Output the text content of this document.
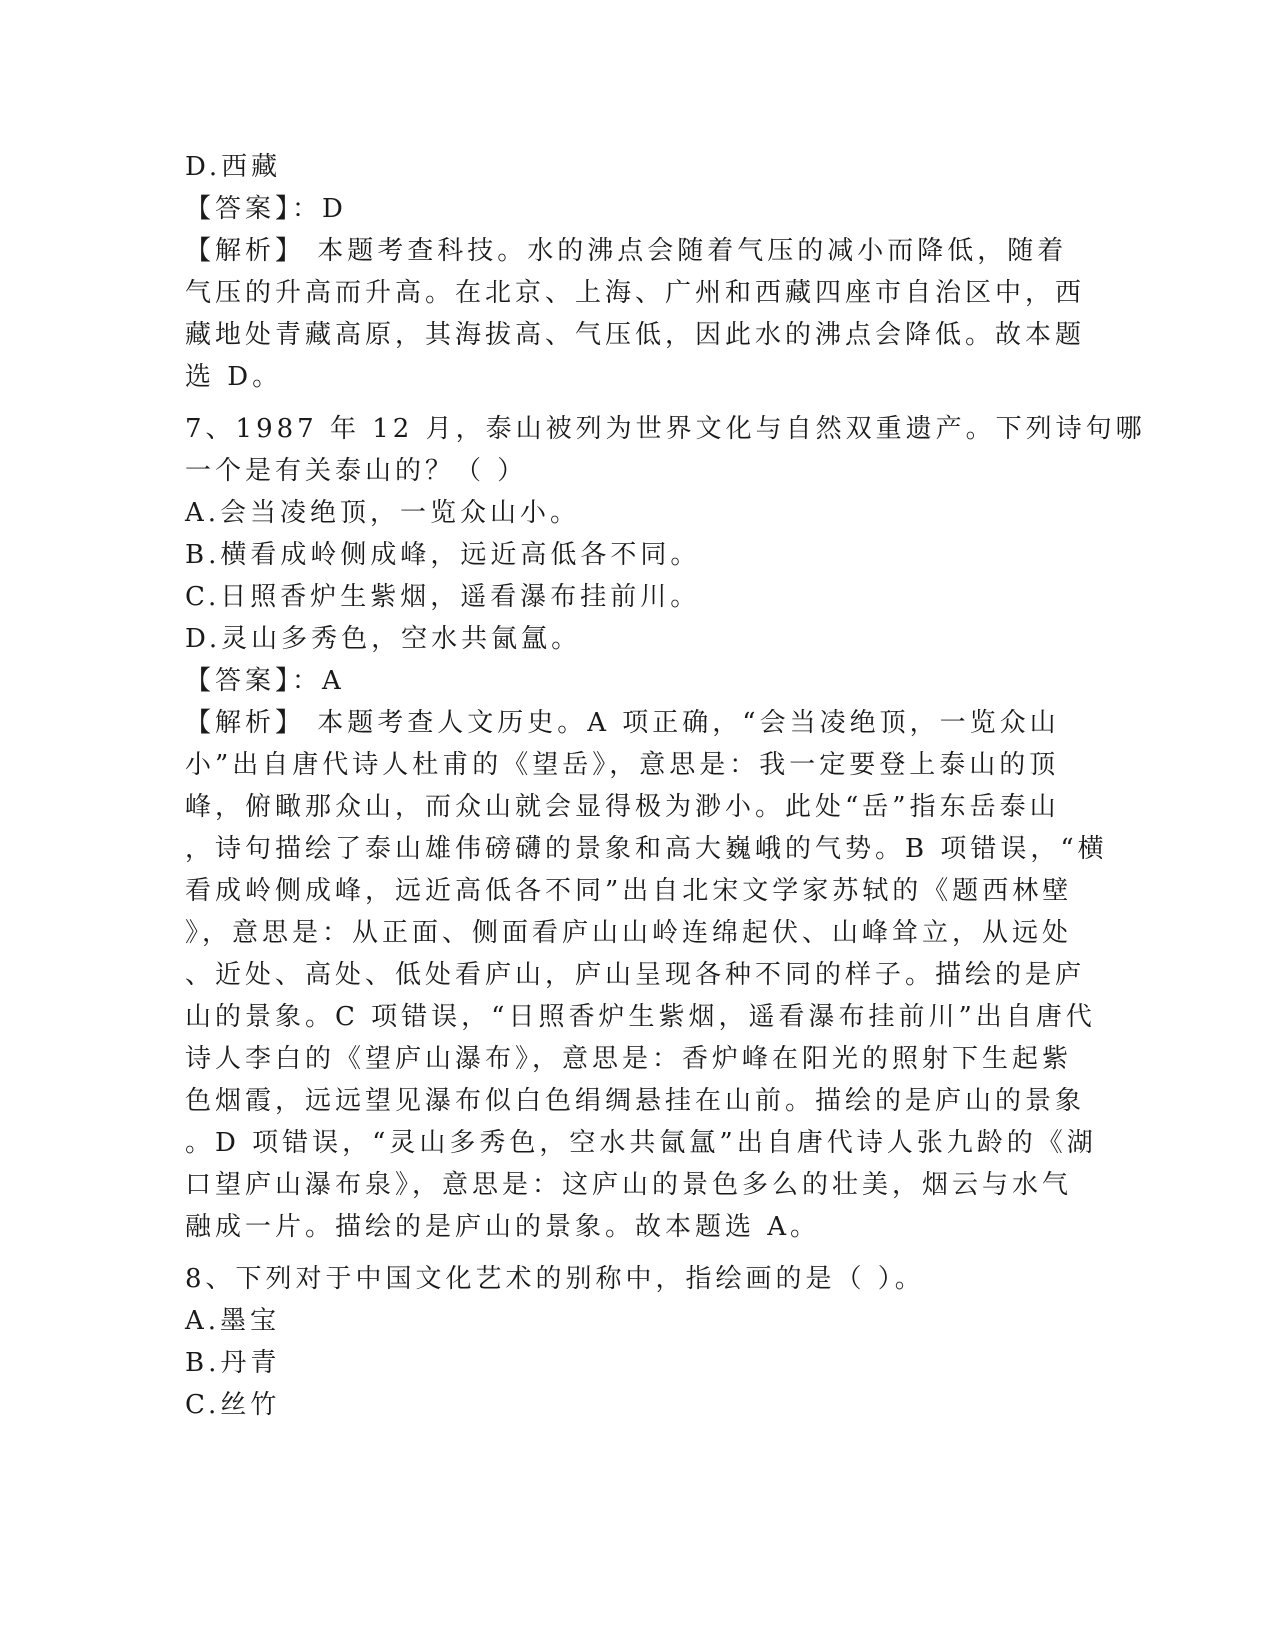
D.西藏
【答案】：D
【解析】 本题考查科技。水的沸点会随着气压的减小而降低，随着
气压的升高而升高。在北京、上海、广州和西藏四座市自治区中，西
藏地处青藏高原，其海拔高、气压低，因此水的沸点会降低。故本题
选 D。
7、1987 年 12 月，泰山被列为世界文化与自然双重遗产。下列诗句哪
一个是有关泰山的？（ ）
A.会当凌绝顶，一览众山小。
B.横看成岭侧成峰，远近高低各不同。
C.日照香炉生紫烟，遥看瀑布挂前川。
D.灵山多秀色，空水共氤氲。
【答案】：A
【解析】 本题考查人文历史。A 项正确，“会当凌绝顶，一览众山
小”出自唐代诗人杜甫的《望岳》，意思是：我一定要登上泰山的顶
峰，俯瞰那众山，而众山就会显得极为渺小。此处“岳”指东岳泰山
，诗句描绘了泰山雄伟磅礴的景象和高大巍峨的气势。B 项错误，“横
看成岭侧成峰，远近高低各不同”出自北宋文学家苏轼的《题西林壁
》，意思是：从正面、侧面看庐山山岭连绵起伏、山峰耸立，从远处
、近处、高处、低处看庐山，庐山呈现各种不同的样子。描绘的是庐
山的景象。C 项错误，“日照香炉生紫烟，遥看瀑布挂前川”出自唐代
诗人李白的《望庐山瀑布》，意思是：香炉峰在阳光的照射下生起紫
色烟霞，远远望见瀑布似白色绢绸悬挂在山前。描绘的是庐山的景象
。D 项错误，“灵山多秀色，空水共氤氲”出自唐代诗人张九龄的《湖
口望庐山瀑布泉》，意思是：这庐山的景色多么的壮美，烟云与水气
融成一片。描绘的是庐山的景象。故本题选 A。
8、下列对于中国文化艺术的别称中，指绘画的是（ ）。
A.墨宝
B.丹青
C.丝竹
